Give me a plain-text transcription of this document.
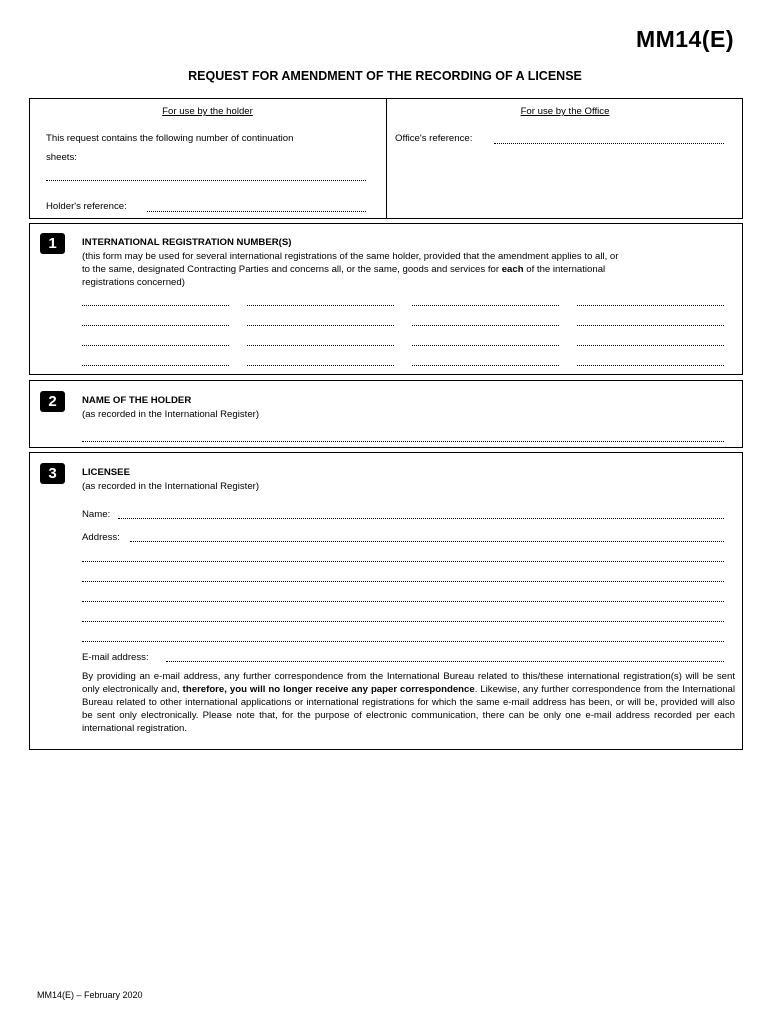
MM14(E)
REQUEST FOR AMENDMENT OF THE RECORDING OF A LICENSE
For use by the holder	For use by the Office
This request contains the following number of continuation
sheets:
Holder's reference:
Office's reference:
1	INTERNATIONAL REGISTRATION NUMBER(S)
(this form may be used for several international registrations of the same holder, provided that the amendment applies to all, or
to the same, designated Contracting Parties and concerns all, or the same, goods and services for each of the international
registrations concerned)
2	NAME OF THE HOLDER
(as recorded in the International Register)
3	LICENSEE
(as recorded in the International Register)
Name:
Address:
E-mail address:
By providing an e-mail address, any further correspondence from the International Bureau related to this/these international registration(s) will be sent only electronically and, therefore, you will no longer receive any paper correspondence. Likewise, any further correspondence from the International Bureau related to other international applications or international registrations for which the same e-mail address has been, or will be, provided will also be sent only electronically. Please note that, for the purpose of electronic communication, there can be only one e-mail address recorded per each international registration.
MM14(E) – February 2020
